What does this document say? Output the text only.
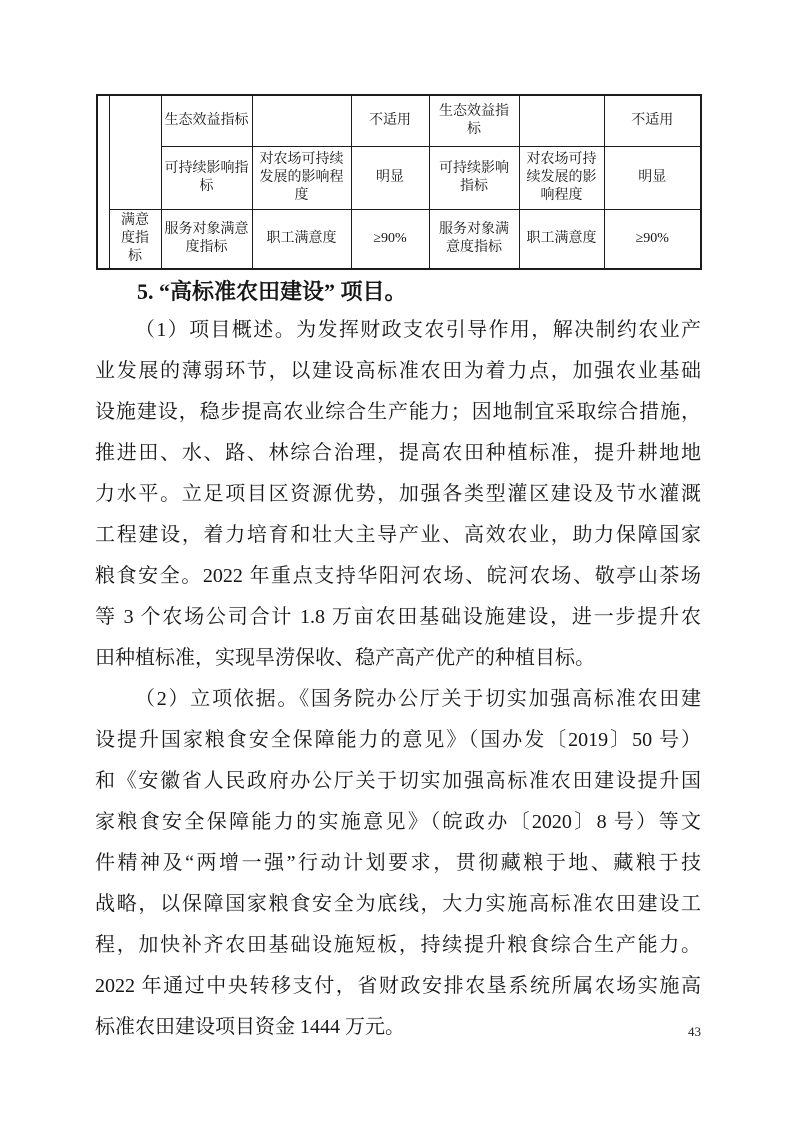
		生态效益指标		不适用	生态效益指标		不适用
		可持续影响指标	对农场可持续发展的影响程度	明显	可持续影响指标	对农场可持续发展的影响程度	明显
	满意度指标	服务对象满意度指标	职工满意度	≥90%	服务对象满意度指标	职工满意度	≥90%
5. “高标准农田建设” 项目。
（1）项目概述。为发挥财政支农引导作用，解决制约农业产
业发展的薄弱环节，以建设高标准农田为着力点，加强农业基础
设施建设，稳步提高农业综合生产能力；因地制宜采取综合措施，
推进田、水、路、林综合治理，提高农田种植标准，提升耕地地
力水平。立足项目区资源优势，加强各类型灌区建设及节水灌溉
工程建设，着力培育和壮大主导产业、高效农业，助力保障国家
粮食安全。2022 年重点支持华阳河农场、皖河农场、敬亭山茶场
等 3 个农场公司合计 1.8 万亩农田基础设施建设，进一步提升农
田种植标准，实现旱涝保收、稳产高产优产的种植目标。
（2）立项依据。《国务院办公厅关于切实加强高标准农田建
设提升国家粮食安全保障能力的意见》（国办发〔2019〕50 号）
和《安徽省人民政府办公厅关于切实加强高标准农田建设提升国
家粮食安全保障能力的实施意见》（皖政办〔2020〕8 号）等文
件精神及“两增一强”行动计划要求，贯彻藏粮于地、藏粮于技
战略，以保障国家粮食安全为底线，大力实施高标准农田建设工
程，加快补齐农田基础设施短板，持续提升粮食综合生产能力。
2022 年通过中央转移支付，省财政安排农垦系统所属农场实施高
标准农田建设项目资金 1444 万元。	43
